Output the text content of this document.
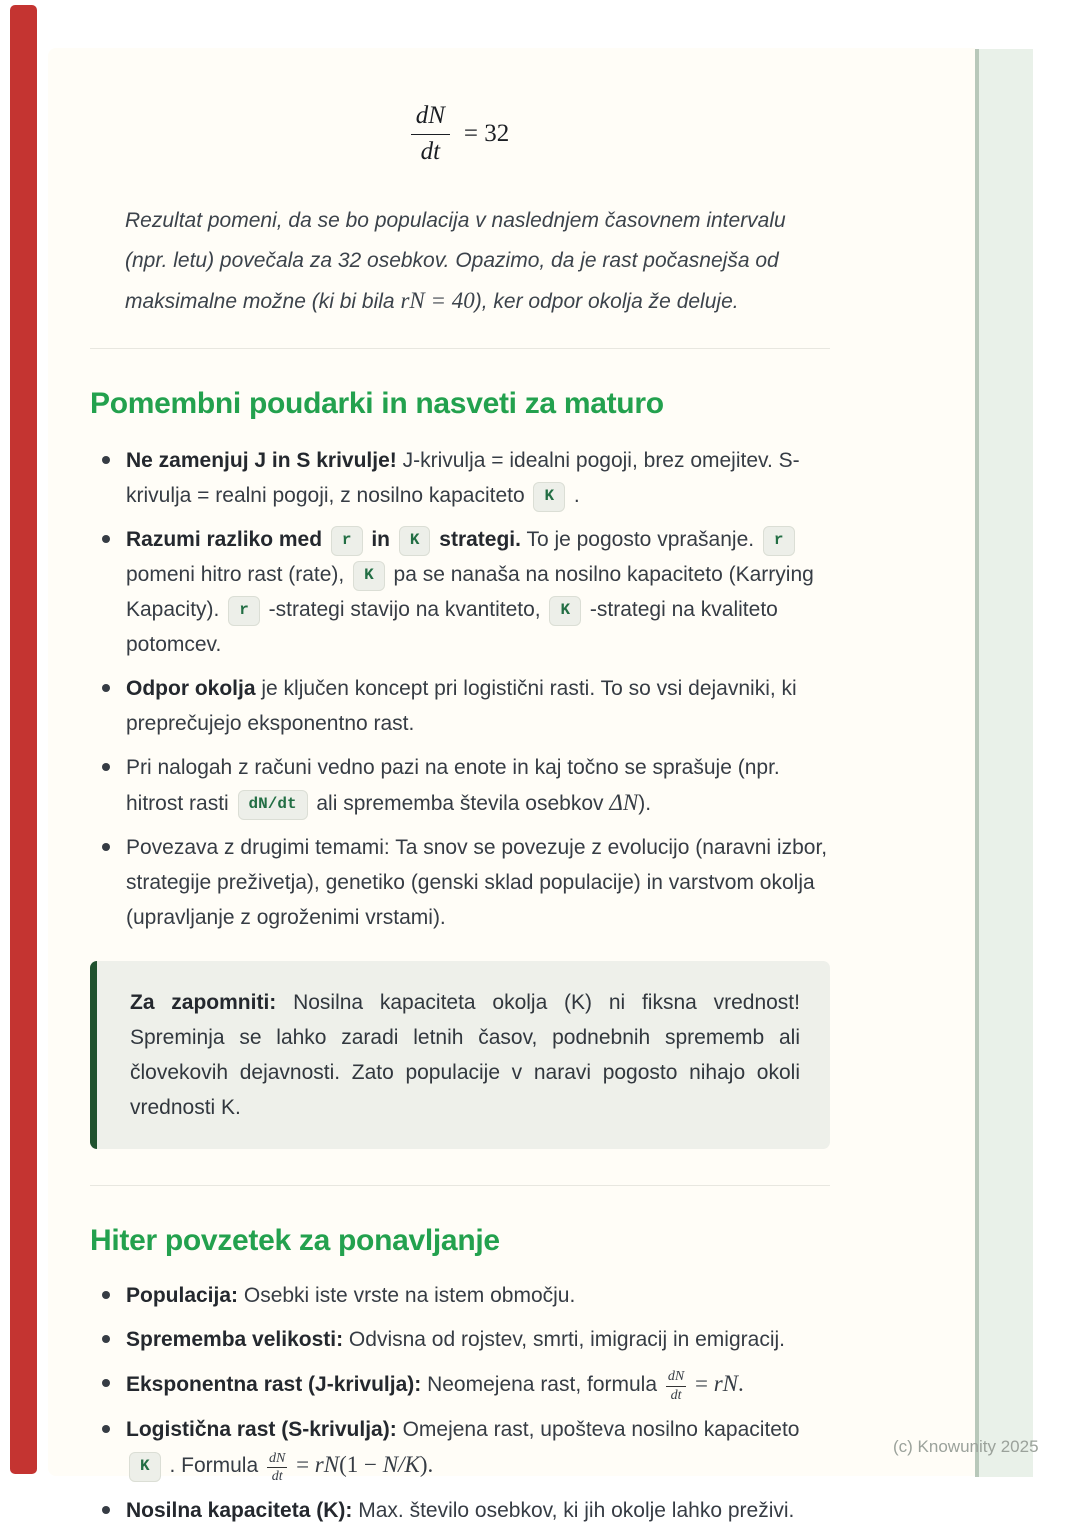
$\frac{dN}{dt} = 32$

Rezultat pomeni, da se bo populacija v naslednjem časovnem intervalu (npr. letu) povečala za 32 osebkov. Opazimo, da je rast počasnejša od maksimalne možne (ki bi bila rN = 40), ker odpor okolja že deluje.

Pomembni poudarki in nasveti za maturo
Ne zamenjuj J in S krivulje! J-krivulja = idealni pogoji, brez omejitev. S-krivulja = realni pogoji, z nosilno kapaciteto K .
Razumi razliko med r in K strategi. To je pogosto vprašanje. r pomeni hitro rast (rate), K pa se nanaša na nosilno kapaciteto (Karrying Kapacity). r -strategi stavijo na kvantiteto, K -strategi na kvaliteto potomcev.
Odpor okolja je ključen koncept pri logistični rasti. To so vsi dejavniki, ki preprečujejo eksponentno rast.
Pri nalogah z računi vedno pazi na enote in kaj točno se sprašuje (npr. hitrost rasti dN/dt ali sprememba števila osebkov ΔN).
Povezava z drugimi temami: Ta snov se povezuje z evolucijo (naravni izbor, strategije preživetja), genetiko (genski sklad populacije) in varstvom okolja (upravljanje z ogroženimi vrstami).
Za zapomniti: Nosilna kapaciteta okolja (K) ni fiksna vrednost! Spreminja se lahko zaradi letnih časov, podnebnih sprememb ali človekovih dejavnosti. Zato populacije v naravi pogosto nihajo okoli vrednosti K.
Hiter povzetek za ponavljanje
Populacija: Osebki iste vrste na istem območju.
Sprememba velikosti: Odvisna od rojstev, smrti, imigracij in emigracij.
Eksponentna rast (J-krivulja): Neomejena rast, formula $\frac{dN}{dt}$ = rN.
Logistična rast (S-krivulja): Omejena rast, upošteva nosilno kapaciteto K . Formula $\frac{dN}{dt} = rN(1 - N/K)$.
Nosilna kapaciteta (K): Max. število osebkov, ki jih okolje lahko preživi.
(c) Knowunity 2025
